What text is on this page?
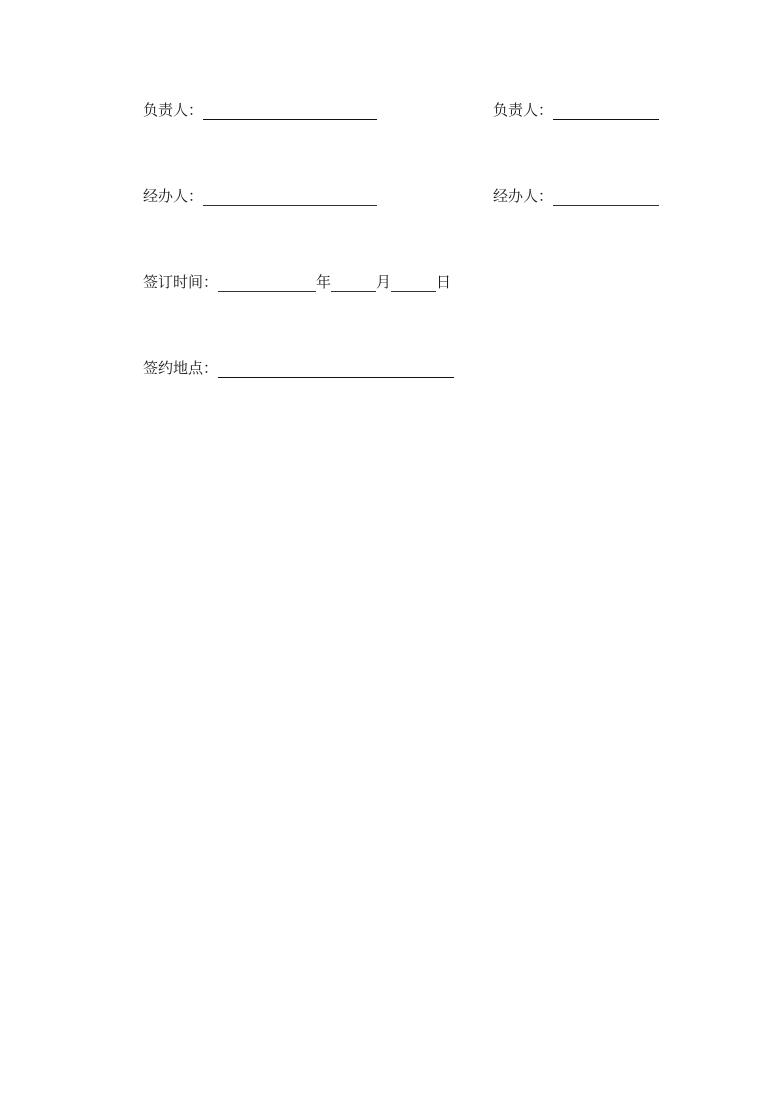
负责人：	负责人：
经办人：	经办人：
签订时间：	年	月	日
签约地点：
